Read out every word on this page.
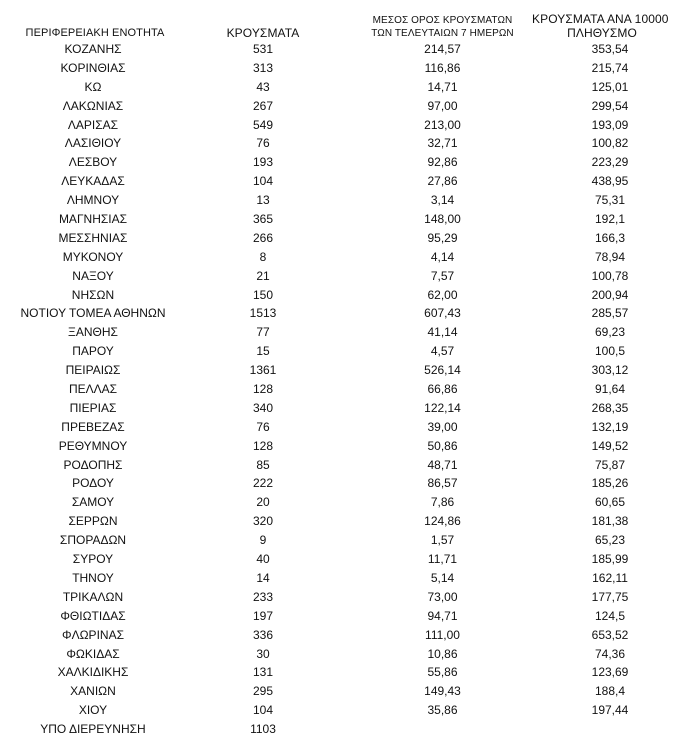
ΠΕΡΙΦΕΡΕΙΑΚΗ ΕΝΟΤΗΤΑ	ΚΡΟΥΣΜΑΤΑ
ΜΕΣΟΣ ΟΡΟΣ ΚΡΟΥΣΜΑΤΩΝ
ΤΩΝ ΤΕΛΕΥΤΑΙΩΝ 7 ΗΜΕΡΩΝ
ΚΡΟΥΣΜΑΤΑ ΑΝΑ 10000
ΠΛΗΘΥΣΜΟ
ΚΟΖΑΝΗΣ	531	214,57	353,54
ΚΟΡΙΝΘΙΑΣ	313	116,86	215,74
ΚΩ	43	14,71	125,01
ΛΑΚΩΝΙΑΣ	267	97,00	299,54
ΛΑΡΙΣΑΣ	549	213,00	193,09
ΛΑΣΙΘΙΟΥ	76	32,71	100,82
ΛΕΣΒΟΥ	193	92,86	223,29
ΛΕΥΚΑΔΑΣ	104	27,86	438,95
ΛΗΜΝΟΥ	13	3,14	75,31
ΜΑΓΝΗΣΙΑΣ	365	148,00	192,1
ΜΕΣΣΗΝΙΑΣ	266	95,29	166,3
ΜΥΚΟΝΟΥ	8	4,14	78,94
ΝΑΞΟΥ	21	7,57	100,78
ΝΗΣΩΝ	150	62,00	200,94
ΝΟΤΙΟΥ ΤΟΜΕΑ ΑΘΗΝΩΝ	1513	607,43	285,57
ΞΑΝΘΗΣ	77	41,14	69,23
ΠΑΡΟΥ	15	4,57	100,5
ΠΕΙΡΑΙΩΣ	1361	526,14	303,12
ΠΕΛΛΑΣ	128	66,86	91,64
ΠΙΕΡΙΑΣ	340	122,14	268,35
ΠΡΕΒΕΖΑΣ	76	39,00	132,19
ΡΕΘΥΜΝΟΥ	128	50,86	149,52
ΡΟΔΟΠΗΣ	85	48,71	75,87
ΡΟΔΟΥ	222	86,57	185,26
ΣΑΜΟΥ	20	7,86	60,65
ΣΕΡΡΩΝ	320	124,86	181,38
ΣΠΟΡΑΔΩΝ	9	1,57	65,23
ΣΥΡΟΥ	40	11,71	185,99
ΤΗΝΟΥ	14	5,14	162,11
ΤΡΙΚΑΛΩΝ	233	73,00	177,75
ΦΘΙΩΤΙΔΑΣ	197	94,71	124,5
ΦΛΩΡΙΝΑΣ	336	111,00	653,52
ΦΩΚΙΔΑΣ	30	10,86	74,36
ΧΑΛΚΙΔΙΚΗΣ	131	55,86	123,69
ΧΑΝΙΩΝ	295	149,43	188,4
ΧΙΟΥ	104	35,86	197,44
ΥΠΟ ΔΙΕΡΕΥΝΗΣΗ	1103
